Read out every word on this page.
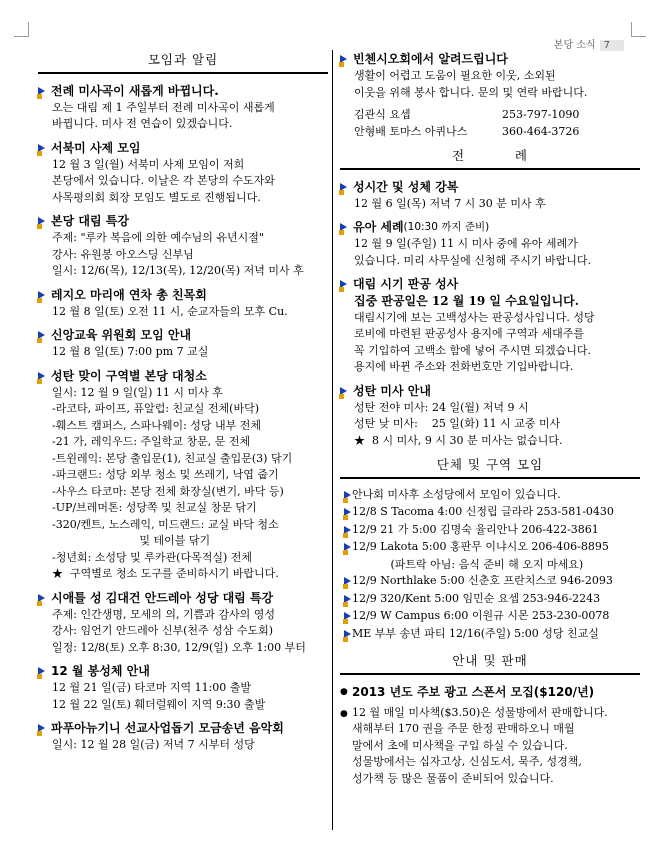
본당 소식 7
모임과 알림
전례 미사곡이 새롭게 바뀝니다.
오는 대림 제 1 주일부터 전례 미사곡이 새롭게
바뀝니다. 미사 전 연습이 있겠습니다.
서북미 사제 모임
12 월 3 일(월) 서북미 사제 모임이 저희
본당에서 있습니다. 이날은 각 본당의 수도자와
사목평의회 회장 모임도 별도로 진행됩니다.
본당 대림 특강
주제: "루카 복음에 의한 예수님의 유년시절"
강사: 유원봉 아오스딩 신부님
일시: 12/6(목), 12/13(목), 12/20(목) 저녁 미사 후
레지오 마리애 연차 총 친목회
12 월 8 일(토) 오전 11 시, 순교자들의 모후 Cu.
신앙교육 위원회 모임 안내
12 월 8 일(토) 7:00 pm 7 교실
성탄 맞이 구역별 본당 대청소
일시: 12 월 9 일(일) 11 시 미사 후
-라코타, 파이프, 퓨알럽: 친교실 전체(바닥)
-훼스트 캠퍼스, 스파나웨이: 성당 내부 전체
-21 가, 레익우드: 주일학교 창문, 문 전체
-트윈레익: 본당 출입문(1), 친교실 출입문(3) 닦기
-파크랜드: 성당 외부 청소 및 쓰레기, 낙엽 줍기
-사우스 타코마: 본당 전체 화장실(변기, 바닥 등)
-UP/브레머톤: 성당쪽 및 친교실 창문 닦기
-320/켄트, 노스레익, 미드랜드: 교실 바닥 청소
및 테이블 닦기
-청년회: 소성당 및 루카관(다목적실) 전체
★  구역별로 청소 도구를 준비하시기 바랍니다.
시애틀 성 김대건 안드레아 성당 대림 특강
주제: 인간생명, 모세의 의, 기쁨과 감사의 영성
강사: 임언기 안드레아 신부(천주 성삼 수도회)
일정: 12/8(토) 오후 8:30, 12/9(일) 오후 1:00 부터
12 월 봉성체 안내
12 월 21 일(금) 타코마 지역 11:00 출발
12 월 22 일(토) 훼더럴웨이 지역 9:30 출발
파푸아뉴기니 선교사업돕기 모금송년 음악회
일시: 12 월 28 일(금) 저녁 7 시부터 성당
빈첸시오회에서 알려드립니다
생활이 어렵고 도움이 필요한 이웃, 소외된
이웃을 위해 봉사 합니다. 문의 및 연락 바랍니다.
김관식 요셉	253-797-1090
안형배 토마스 아퀴나스	360-464-3726
전          례
성시간 및 성체 강복
12 월 6 일(목) 저녁 7 시 30 분 미사 후
유아 세례 (10:30 까지 준비)
12 월 9 일(주일) 11 시 미사 중에 유아 세례가
있습니다. 미리 사무실에 신청해 주시기 바랍니다.
대림 시기 판공 성사
집중 판공일은 12 월 19 일 수요일입니다.
대림시기에 보는 고백성사는 판공성사입니다. 성당
로비에 마련된 판공성사 용지에 구역과 세대주를
꼭 기입하여 고백소 함에 넣어 주시면 되겠습니다.
용지에 바뀐 주소와 전화번호만 기입바랍니다.
성탄 미사 안내
성탄 전야 미사: 24 일(월) 저녁 9 시
성탄 낮 미사:    25 일(화) 11 시 교중 미사
★  8 시 미사, 9 시 30 분 미사는 없습니다.
단체 및 구역 모임
안나회 미사후 소성당에서 모임이 있습니다.
12/8 S Tacoma 4:00 신정립 글라라 253-581-0430
12/9 21 가 5:00 김명숙 율리안나 206-422-3861
12/9 Lakota 5:00 홍판무 이냐시오 206-406-8895
(파트락 아님: 음식 준비 해 오지 마세요)
12/9 Northlake 5:00 신춘호 프란치스코 946-2093
12/9 320/Kent 5:00 임민순 요셉 253-946-2243
12/9 W Campus 6:00 이원규 시몬 253-230-0078
ME 부부 송년 파티 12/16(주일) 5:00 성당 친교실
안내 및 판매
● 2013 년도 주보 광고 스폰서 모집($120/년)
● 12 월 매일 미사책($3.50)은 성물방에서 판매합니다.
새해부터 170 권을 주문 한정 판매하오니 매월
말에서 초에 미사책을 구입 하실 수 있습니다.
성물방에서는 십자고상, 신심도서, 묵주, 성경책,
성가책 등 많은 물품이 준비되어 있습니다.
